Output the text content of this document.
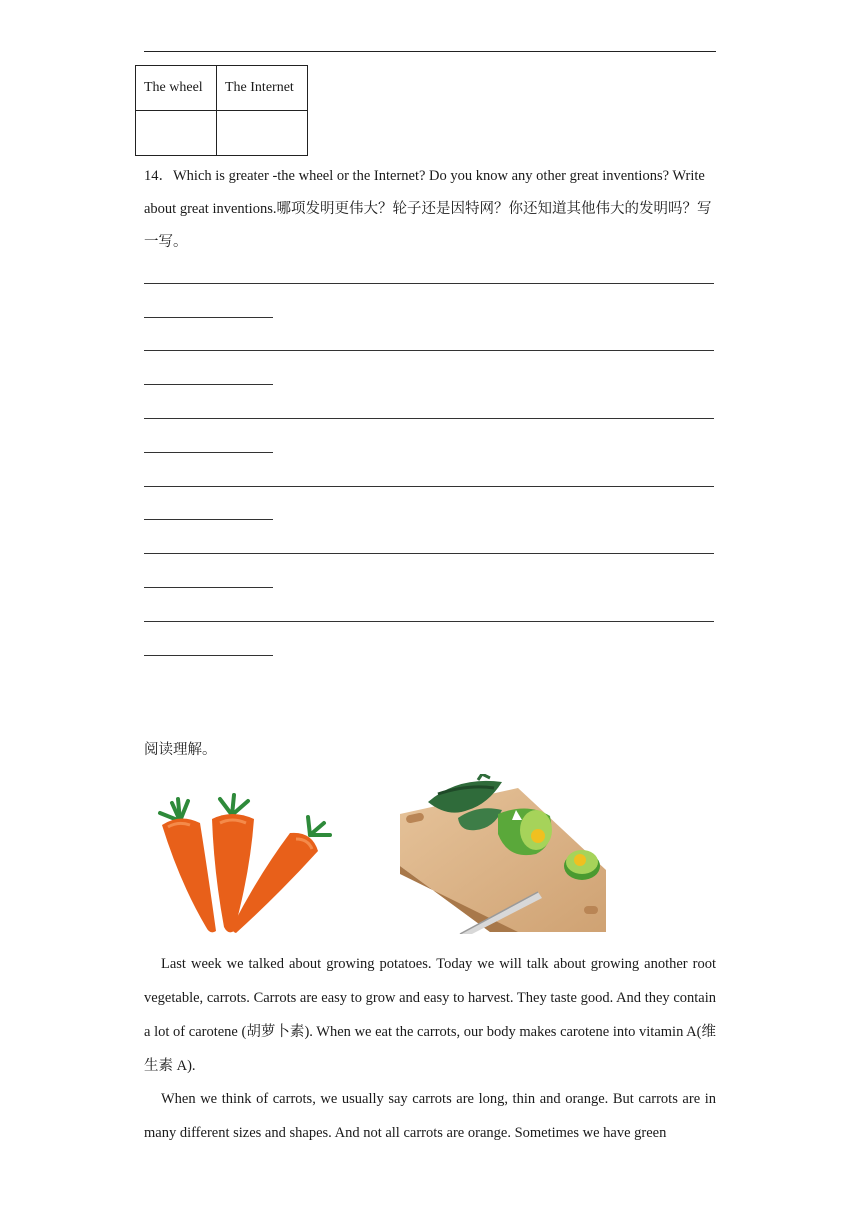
The wheel	The Internet

14．Which is greater -the wheel or the Internet? Do you know any other great inventions? Write about great inventions.哪项发明更伟大？轮子还是因特网？你还知道其他伟大的发明吗？写一写。
阅读理解。
Last week we talked about growing potatoes. Today we will talk about growing another root vegetable, carrots. Carrots are easy to grow and easy to harvest. They taste good. And they contain a lot of carotene (胡萝卜素). When we eat the carrots, our body makes carotene into vitamin A(维生素 A).
When we think of carrots, we usually say carrots are long, thin and orange. But carrots are in many different sizes and shapes. And not all carrots are orange. Sometimes we have green
